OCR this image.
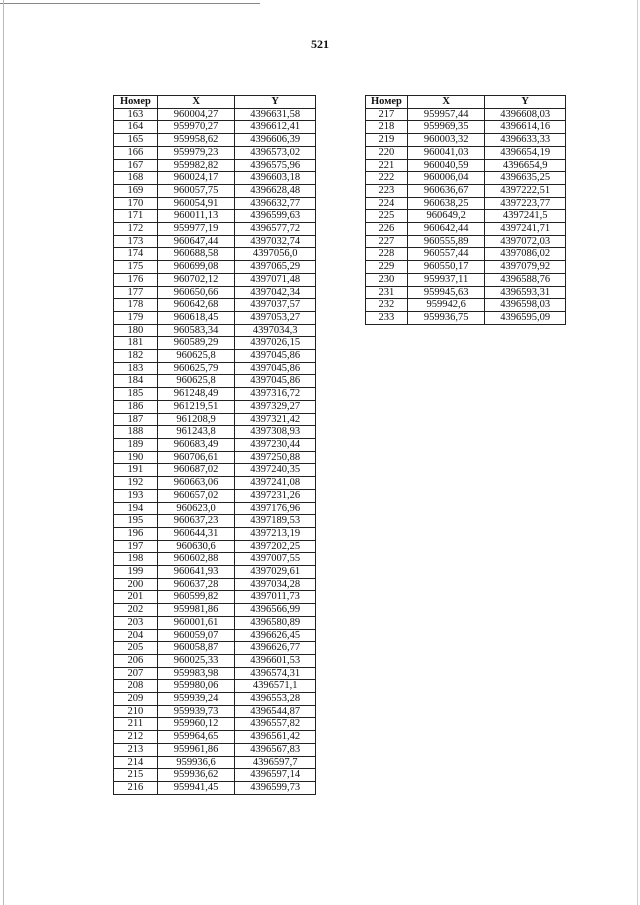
521
Номер	X	Y
163	960004,27	4396631,58
164	959970,27	4396612,41
165	959958,62	4396606,39
166	959979,23	4396573,02
167	959982,82	4396575,96
168	960024,17	4396603,18
169	960057,75	4396628,48
170	960054,91	4396632,77
171	960011,13	4396599,63
172	959977,19	4396577,72
173	960647,44	4397032,74
174	960688,58	4397056,0
175	960699,08	4397065,29
176	960702,12	4397071,48
177	960650,66	4397042,34
178	960642,68	4397037,57
179	960618,45	4397053,27
180	960583,34	4397034,3
181	960589,29	4397026,15
182	960625,8	4397045,86
183	960625,79	4397045,86
184	960625,8	4397045,86
185	961248,49	4397316,72
186	961219,51	4397329,27
187	961208,9	4397321,42
188	961243,8	4397308,93
189	960683,49	4397230,44
190	960706,61	4397250,88
191	960687,02	4397240,35
192	960663,06	4397241,08
193	960657,02	4397231,26
194	960623,0	4397176,96
195	960637,23	4397189,53
196	960644,31	4397213,19
197	960630,6	4397202,25
198	960602,88	4397007,55
199	960641,93	4397029,61
200	960637,28	4397034,28
201	960599,82	4397011,73
202	959981,86	4396566,99
203	960001,61	4396580,89
204	960059,07	4396626,45
205	960058,87	4396626,77
206	960025,33	4396601,53
207	959983,98	4396574,31
208	959980,06	4396571,1
209	959939,24	4396553,28
210	959939,73	4396544,87
211	959960,12	4396557,82
212	959964,65	4396561,42
213	959961,86	4396567,83
214	959936,6	4396597,7
215	959936,62	4396597,14
216	959941,45	4396599,73
Номер	X	Y
217	959957,44	4396608,03
218	959969,35	4396614,16
219	960003,32	4396633,33
220	960041,03	4396654,19
221	960040,59	4396654,9
222	960006,04	4396635,25
223	960636,67	4397222,51
224	960638,25	4397223,77
225	960649,2	4397241,5
226	960642,44	4397241,71
227	960555,89	4397072,03
228	960557,44	4397086,02
229	960550,17	4397079,92
230	959937,11	4396588,76
231	959945,63	4396593,31
232	959942,6	4396598,03
233	959936,75	4396595,09
